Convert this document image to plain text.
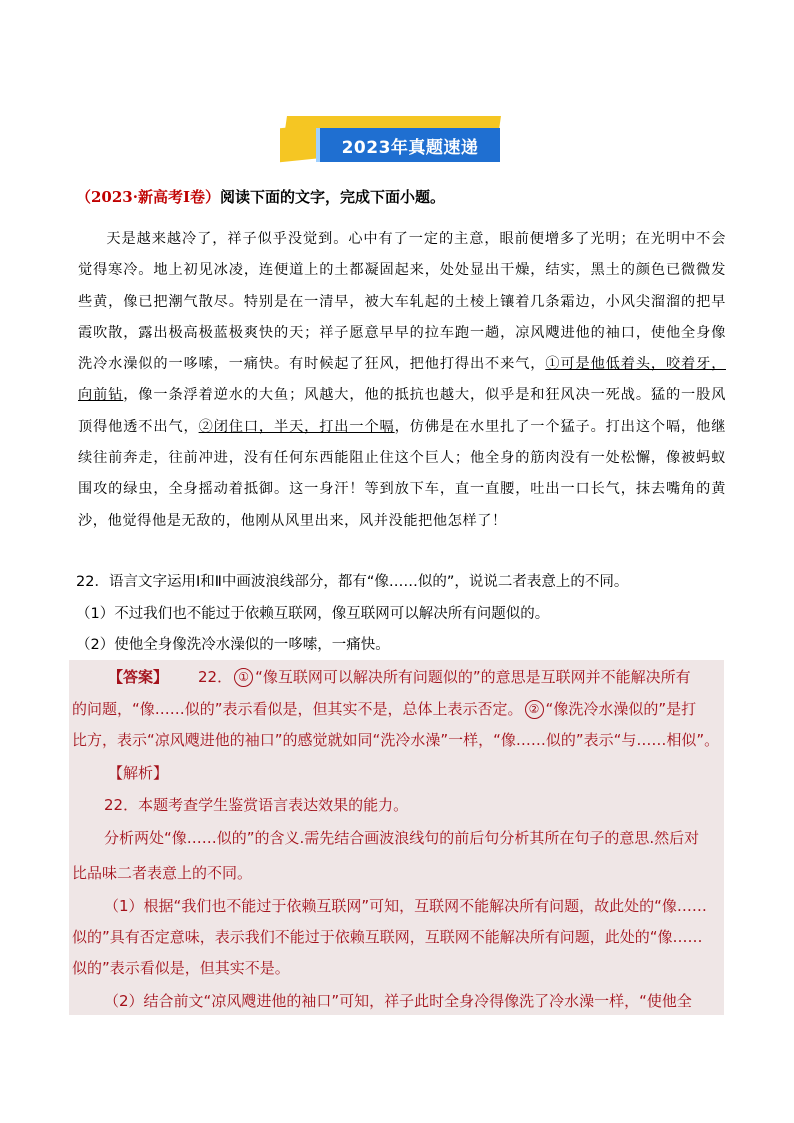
2023年真题速递
（2023·新高考Ⅰ卷）阅读下面的文字，完成下面小题。
天是越来越冷了，祥子似乎没觉到。心中有了一定的主意，眼前便增多了光明；在光明中不会觉得寒冷。地上初见冰凌，连便道上的土都凝固起来，处处显出干燥，结实，黑土的颜色已微微发些黄，像已把潮气散尽。特别是在一清早，被大车轧起的土棱上镶着几条霜边，小风尖溜溜的把早霞吹散，露出极高极蓝极爽快的天；祥子愿意早早的拉车跑一趟，凉风飕进他的袖口，使他全身像洗冷水澡似的一哆嗦，一痛快。有时候起了狂风，把他打得出不来气，①可是他低着头，咬着牙，向前钻，像一条浮着逆水的大鱼；风越大，他的抵抗也越大，似乎是和狂风决一死战。猛的一股风顶得他透不出气，②闭住口，半天，打出一个嗝，仿佛是在水里扎了一个猛子。打出这个嗝，他继续往前奔走，往前冲进，没有任何东西能阻止住这个巨人；他全身的筋肉没有一处松懈，像被蚂蚁围攻的绿虫，全身摇动着抵御。这一身汗！等到放下车，直一直腰，吐出一口长气，抹去嘴角的黄沙，他觉得他是无敌的，他刚从风里出来，风并没能把他怎样了！
22．语言文字运用Ⅰ和Ⅱ中画波浪线部分，都有“像……似的”，说说二者表意上的不同。
（1）不过我们也不能过于依赖互联网，像互联网可以解决所有问题似的。
（2）使他全身像洗冷水澡似的一哆嗦，一痛快。
【答案】 22． ① “像互联网可以解决所有问题似的”的意思是互联网并不能解决所有
的问题，“像……似的”表示看似是，但其实不是，总体上表示否定。 ② “像洗冷水澡似的”是打
比方，表示“凉风飕进他的袖口”的感觉就如同“洗冷水澡”一样，“像……似的”表示“与……相似”。
【解析】
22．本题考查学生鉴赏语言表达效果的能力。
分析两处“像……似的”的含义.需先结合画波浪线句的前后句分析其所在句子的意思.然后对
比品味二者表意上的不同。
（1）根据“我们也不能过于依赖互联网”可知，互联网不能解决所有问题，故此处的“像……
似的”具有否定意味，表示我们不能过于依赖互联网，互联网不能解决所有问题，此处的“像……
似的”表示看似是，但其实不是。
（2）结合前文“凉风飕进他的袖口”可知，祥子此时全身冷得像洗了冷水澡一样，“使他全
